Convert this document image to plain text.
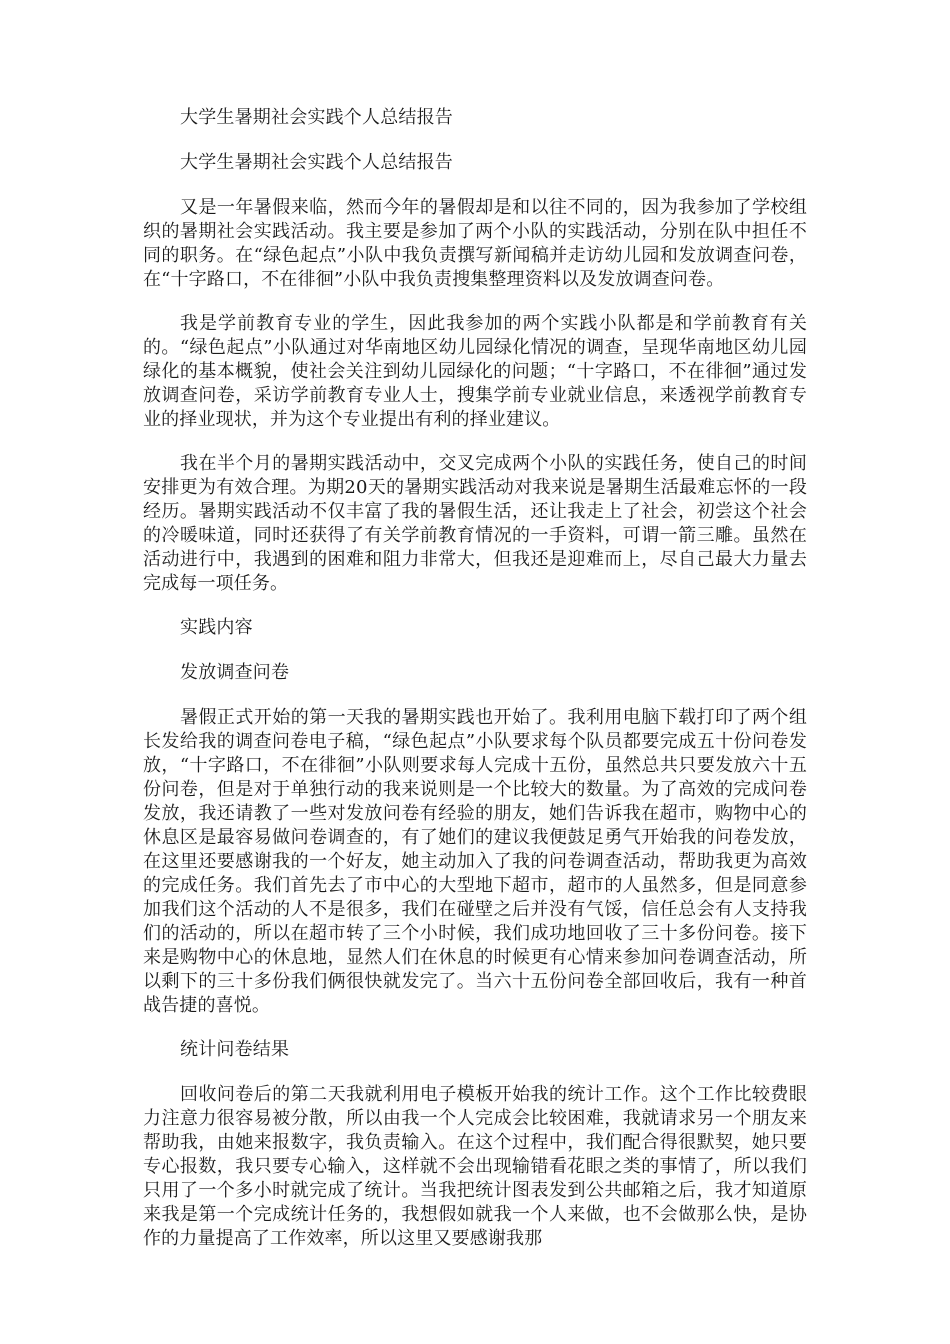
大学生暑期社会实践个人总结报告

大学生暑期社会实践个人总结报告

又是一年暑假来临，然而今年的暑假却是和以往不同的，因为我参加了学校组织的暑期社会实践活动。我主要是参加了两个小队的实践活动，分别在队中担任不同的职务。在“绿色起点”小队中我负责撰写新闻稿并走访幼儿园和发放调查问卷，在“十字路口，不在徘徊”小队中我负责搜集整理资料以及发放调查问卷。

我是学前教育专业的学生，因此我参加的两个实践小队都是和学前教育有关的。“绿色起点”小队通过对华南地区幼儿园绿化情况的调查，呈现华南地区幼儿园绿化的基本概貌，使社会关注到幼儿园绿化的问题；“十字路口，不在徘徊”通过发放调查问卷，采访学前教育专业人士，搜集学前专业就业信息，来透视学前教育专业的择业现状，并为这个专业提出有利的择业建议。

我在半个月的暑期实践活动中，交叉完成两个小队的实践任务，使自己的时间安排更为有效合理。为期20天的暑期实践活动对我来说是暑期生活最难忘怀的一段经历。暑期实践活动不仅丰富了我的暑假生活，还让我走上了社会，初尝这个社会的冷暖味道，同时还获得了有关学前教育情况的一手资料，可谓一箭三雕。虽然在活动进行中，我遇到的困难和阻力非常大，但我还是迎难而上，尽自己最大力量去完成每一项任务。

实践内容

发放调查问卷

暑假正式开始的第一天我的暑期实践也开始了。我利用电脑下载打印了两个组长发给我的调查问卷电子稿，“绿色起点”小队要求每个队员都要完成五十份问卷发放，“十字路口，不在徘徊”小队则要求每人完成十五份，虽然总共只要发放六十五份问卷，但是对于单独行动的我来说则是一个比较大的数量。为了高效的完成问卷发放，我还请教了一些对发放问卷有经验的朋友，她们告诉我在超市，购物中心的休息区是最容易做问卷调查的，有了她们的建议我便鼓足勇气开始我的问卷发放，在这里还要感谢我的一个好友，她主动加入了我的问卷调查活动，帮助我更为高效的完成任务。我们首先去了市中心的大型地下超市，超市的人虽然多，但是同意参加我们这个活动的人不是很多，我们在碰壁之后并没有气馁，信任总会有人支持我们的活动的，所以在超市转了三个小时候，我们成功地回收了三十多份问卷。接下来是购物中心的休息地，显然人们在休息的时候更有心情来参加问卷调查活动，所以剩下的三十多份我们俩很快就发完了。当六十五份问卷全部回收后，我有一种首战告捷的喜悦。

统计问卷结果

回收问卷后的第二天我就利用电子模板开始我的统计工作。这个工作比较费眼力注意力很容易被分散，所以由我一个人完成会比较困难，我就请求另一个朋友来帮助我，由她来报数字，我负责输入。在这个过程中，我们配合得很默契，她只要专心报数，我只要专心输入，这样就不会出现输错看花眼之类的事情了，所以我们只用了一个多小时就完成了统计。当我把统计图表发到公共邮箱之后，我才知道原来我是第一个完成统计任务的，我想假如就我一个人来做，也不会做那么快，是协作的力量提高了工作效率，所以这里又要感谢我那
